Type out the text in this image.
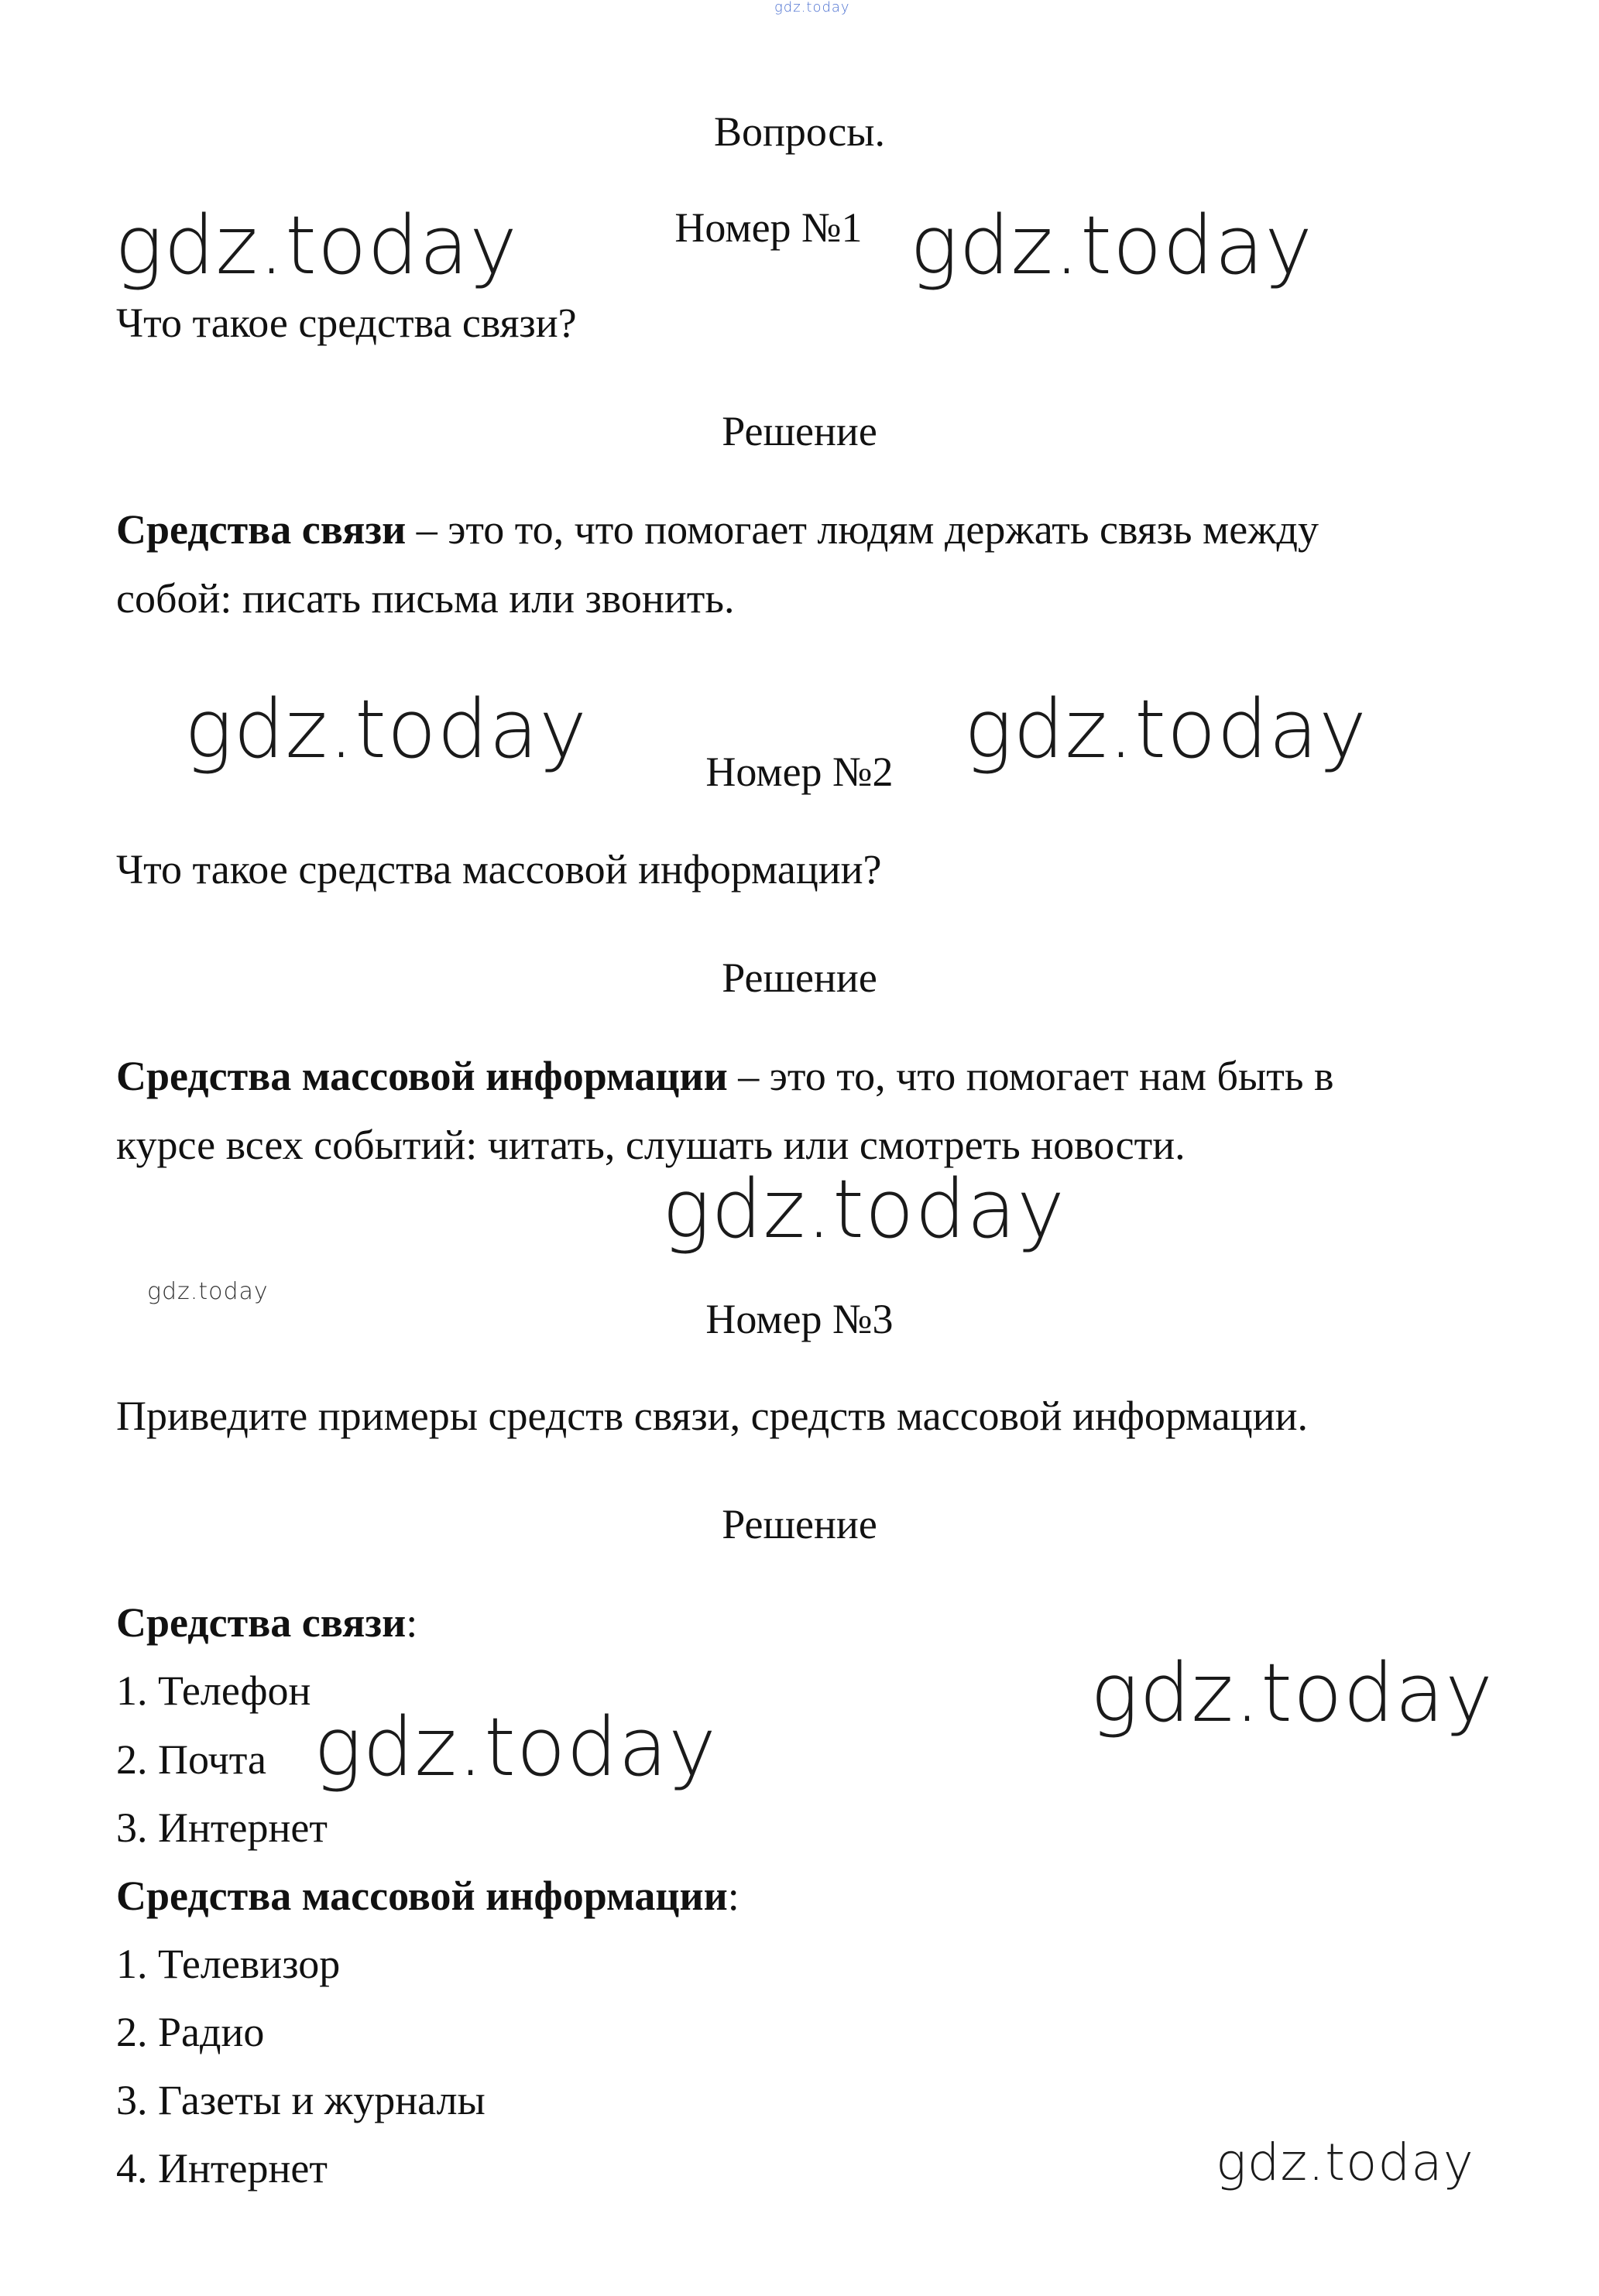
gdz.today
Вопросы.
Номер №1
Что такое средства связи?
Решение
Средства связи – это то, что помогает людям держать связь между
собой: писать письма или звонить.
Номер №2
Что такое средства массовой информации?
Решение
Средства массовой информации – это то, что помогает нам быть в
курсе всех событий: читать, слушать или смотреть новости.
Номер №3
Приведите примеры средств связи, средств массовой информации.
Решение
Средства связи:
1. Телефон
2. Почта
3. Интернет
Средства массовой информации:
1. Телевизор
2. Радио
3. Газеты и журналы
4. Интернет
gdz.today	gdz.today
gdz.today	gdz.today
gdz.today
gdz.today
gdz.today
gdz.today
gdz.today
